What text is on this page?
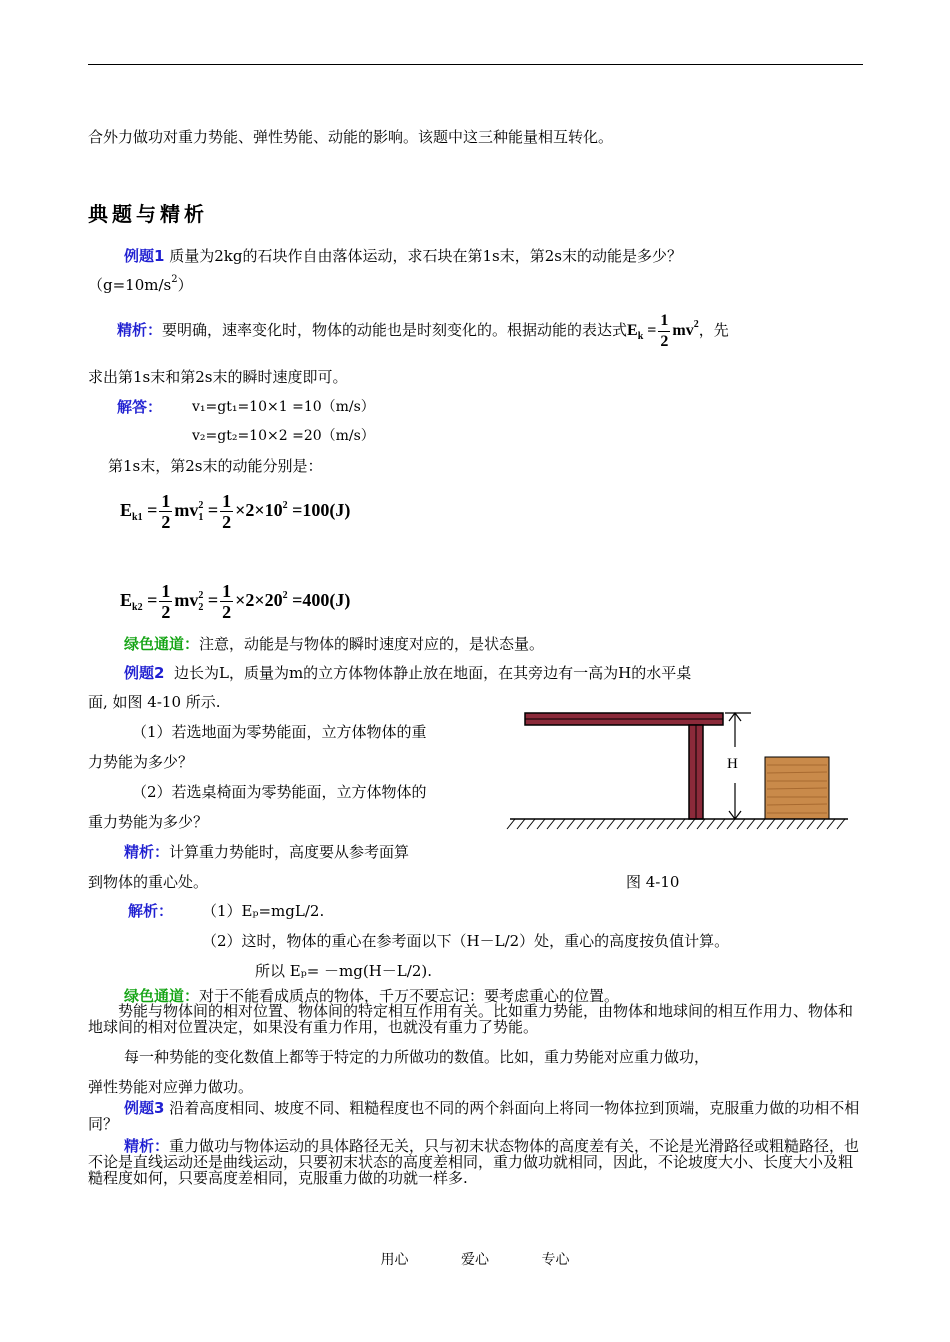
合外力做功对重力势能、弹性势能、动能的影响。该题中这三种能量相互转化。
典题与精析
例题1 质量为2kg的石块作自由落体运动，求石块在第1s末，第2s末的动能是多少？
$(g=10m/s^2)$
精析：要明确，速率变化时，物体的动能也是时刻变化的。根据动能的表达式$E_k = \frac{1}{2} mv^2$，先
求出第1s末和第2s末的瞬时速度即可。
解答： v₁=gt₁=10×1 =10（m/s）
v₂=gt₂=10×2 =20（m/s）
第1s末，第2s末的动能分别是：
$E_{k1} = \frac{1}{2}$ mv 2
$1 = \frac{1}{2} \times 2\times 10^2 =100(J)$
$E_{k2} = \frac{1}{2}$ mv 2
$2 = \frac{1}{2} \times 2\times 20^2 =400(J)$
绿色通道：注意，动能是与物体的瞬时速度对应的，是状态量。
例题2 边长为L，质量为m的立方体物体静止放在地面，在其旁边有一高为H的水平桌
面, 如图 4-10 所示.
（1）若选地面为零势能面，立方体物体的重
力势能为多少？
（2）若选桌椅面为零势能面，立方体物体的
重力势能为多少？
精析：计算重力势能时，高度要从参考面算
到物体的重心处。
H
图 4-10
解析： （1）Eₚ=mgL/2.
（2）这时，物体的重心在参考面以下（H－L/2）处，重心的高度按负值计算。
所以 Eₚ= －mg(H－L/2).
绿色通道：对于不能看成质点的物体，千万不要忘记：要考虑重心的位置。
势能与物体间的相对位置、物体间的特定相互作用有关。比如重力势能，由物体和地球间的相互作用力、物体和地球间的相对位置决定，如果没有重力作用，也就没有重力了势能。
每一种势能的变化数值上都等于特定的力所做功的数值。比如，重力势能对应重力做功，
弹性势能对应弹力做功。
例题3 沿着高度相同、坡度不同、粗糙程度也不同的两个斜面向上将同一物体拉到顶端，克服重力做的功相不相同？
精析：重力做功与物体运动的具体路径无关，只与初末状态物体的高度差有关，不论是光滑路径或粗糙路径，也不论是直线运动还是曲线运动，只要初末状态的高度差相同，重力做功就相同，因此，不论坡度大小、长度大小及粗糙程度如何，只要高度差相同，克服重力做的功就一样多.
用心	爱心	专心
